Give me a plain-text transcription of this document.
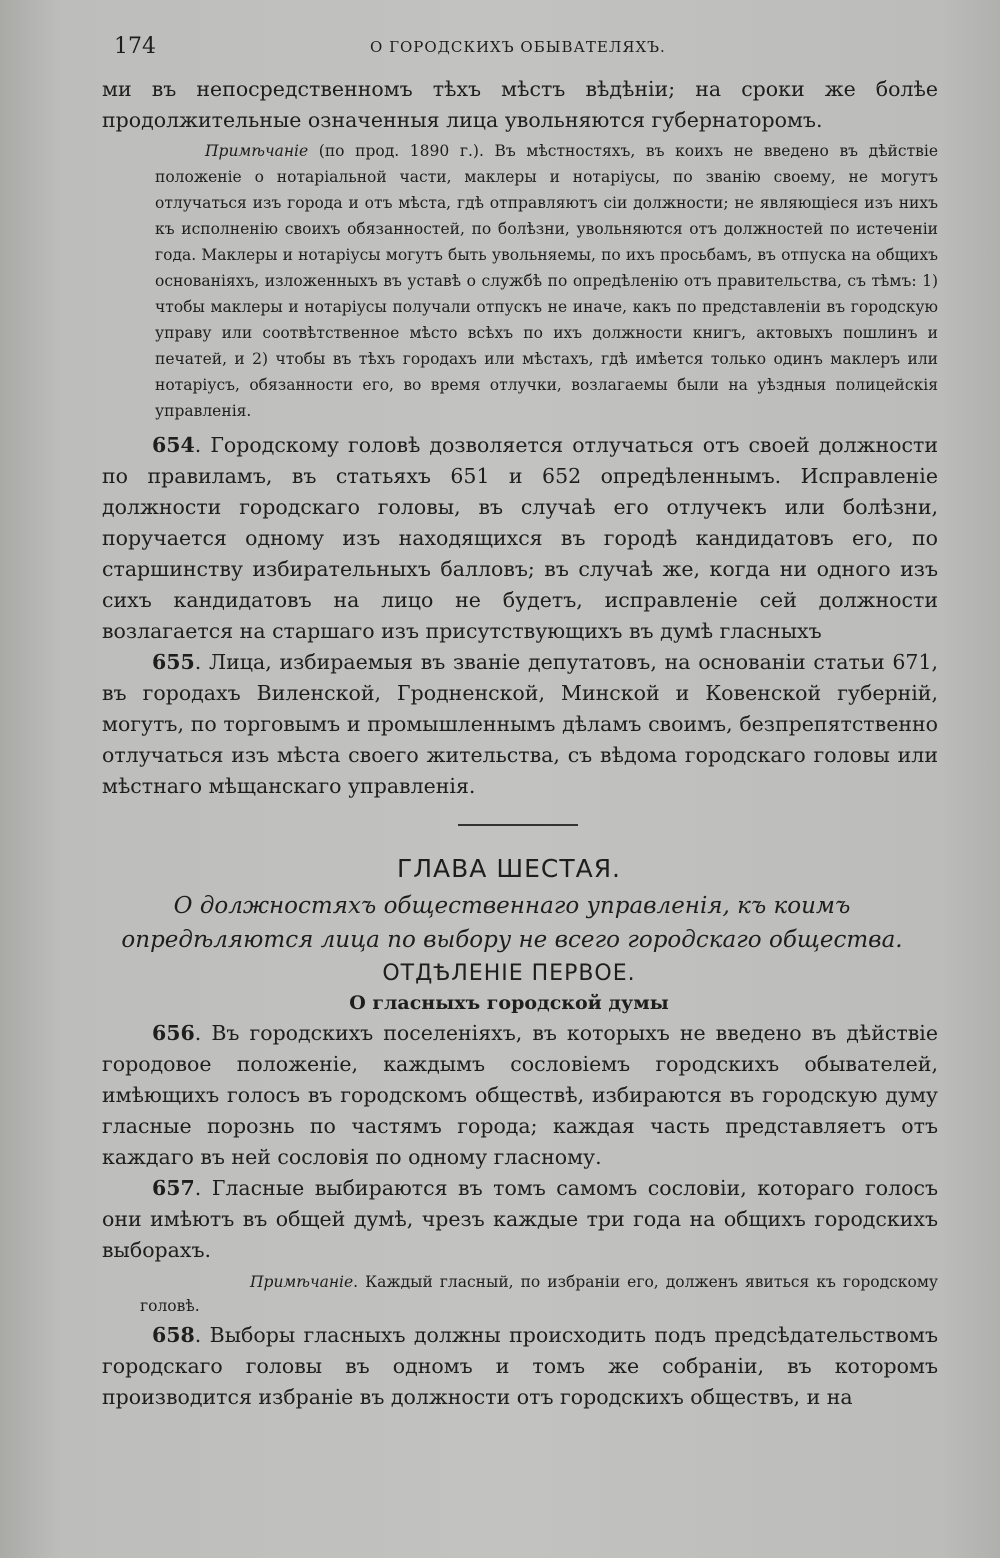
174	О ГОРОДСКИХЪ ОБЫВАТЕЛЯХЪ.

ми въ непосредственномъ тѣхъ мѣстъ вѣдѣніи; на сроки же болѣе продолжительные означенныя лица увольняются губернаторомъ.

Примѣчаніе (по прод. 1890 г.). Въ мѣстностяхъ, въ коихъ не введено въ дѣйствіе положеніе о нотаріальной части, маклеры и нотаріусы, по званію своему, не могутъ отлучаться изъ города и отъ мѣста, гдѣ отправляютъ сіи должности; не являющіеся изъ нихъ къ исполненію своихъ обязанностей, по болѣзни, увольняются отъ должностей по истеченіи года. Маклеры и нотаріусы могутъ быть увольняемы, по ихъ просьбамъ, въ отпуска на общихъ основаніяхъ, изложенныхъ въ уставѣ о службѣ по опредѣленію отъ правительства, съ тѣмъ: 1) чтобы маклеры и нотаріусы получали отпускъ не иначе, какъ по представленіи въ городскую управу или соотвѣтственное мѣсто всѣхъ по ихъ должности книгъ, актовыхъ пошлинъ и печатей, и 2) чтобы въ тѣхъ городахъ или мѣстахъ, гдѣ имѣется только одинъ маклеръ или нотаріусъ, обязанности его, во время отлучки, возлагаемы были на уѣздныя полицейскія управленія.

654. Городскому головѣ дозволяется отлучаться отъ своей должности по правиламъ, въ статьяхъ 651 и 652 опредѣленнымъ. Исправленіе должности городскаго головы, въ случаѣ его отлучекъ или болѣзни, поручается одному изъ находящихся въ городѣ кандидатовъ его, по старшинству избирательныхъ балловъ; въ случаѣ же, когда ни одного изъ сихъ кандидатовъ на лицо не будетъ, исправленіе сей должности возлагается на старшаго изъ присутствующихъ въ думѣ гласныхъ

655. Лица, избираемыя въ званіе депутатовъ, на основаніи статьи 671, въ городахъ Виленской, Гродненской, Минской и Ковенской губерній, могутъ, по торговымъ и промышленнымъ дѣламъ своимъ, безпрепятственно отлучаться изъ мѣста своего жительства, съ вѣдома городскаго головы или мѣстнаго мѣщанскаго управленія.

ГЛАВА ШЕСТАЯ.
О должностяхъ общественнаго управленія, къ коимъ опредѣляются лица по выбору не всего городскаго общества.
ОТДѢЛЕНІЕ ПЕРВОЕ.
О гласныхъ городской думы

656. Въ городскихъ поселеніяхъ, въ которыхъ не введено въ дѣйствіе городовое положеніе, каждымъ сословіемъ городскихъ обывателей, имѣющихъ голосъ въ городскомъ обществѣ, избираются въ городскую думу гласные порознь по частямъ города; каждая часть представляетъ отъ каждаго въ ней сословія по одному гласному.

657. Гласные выбираются въ томъ самомъ сословіи, котораго голосъ они имѣютъ въ общей думѣ, чрезъ каждые три года на общихъ городскихъ выборахъ.

Примѣчаніе. Каждый гласный, по избраніи его, долженъ явиться къ городскому головѣ.

658. Выборы гласныхъ должны происходить подъ предсѣдательствомъ городскаго головы въ одномъ и томъ же собраніи, въ которомъ производится избраніе въ должности отъ городскихъ обществъ, и на
